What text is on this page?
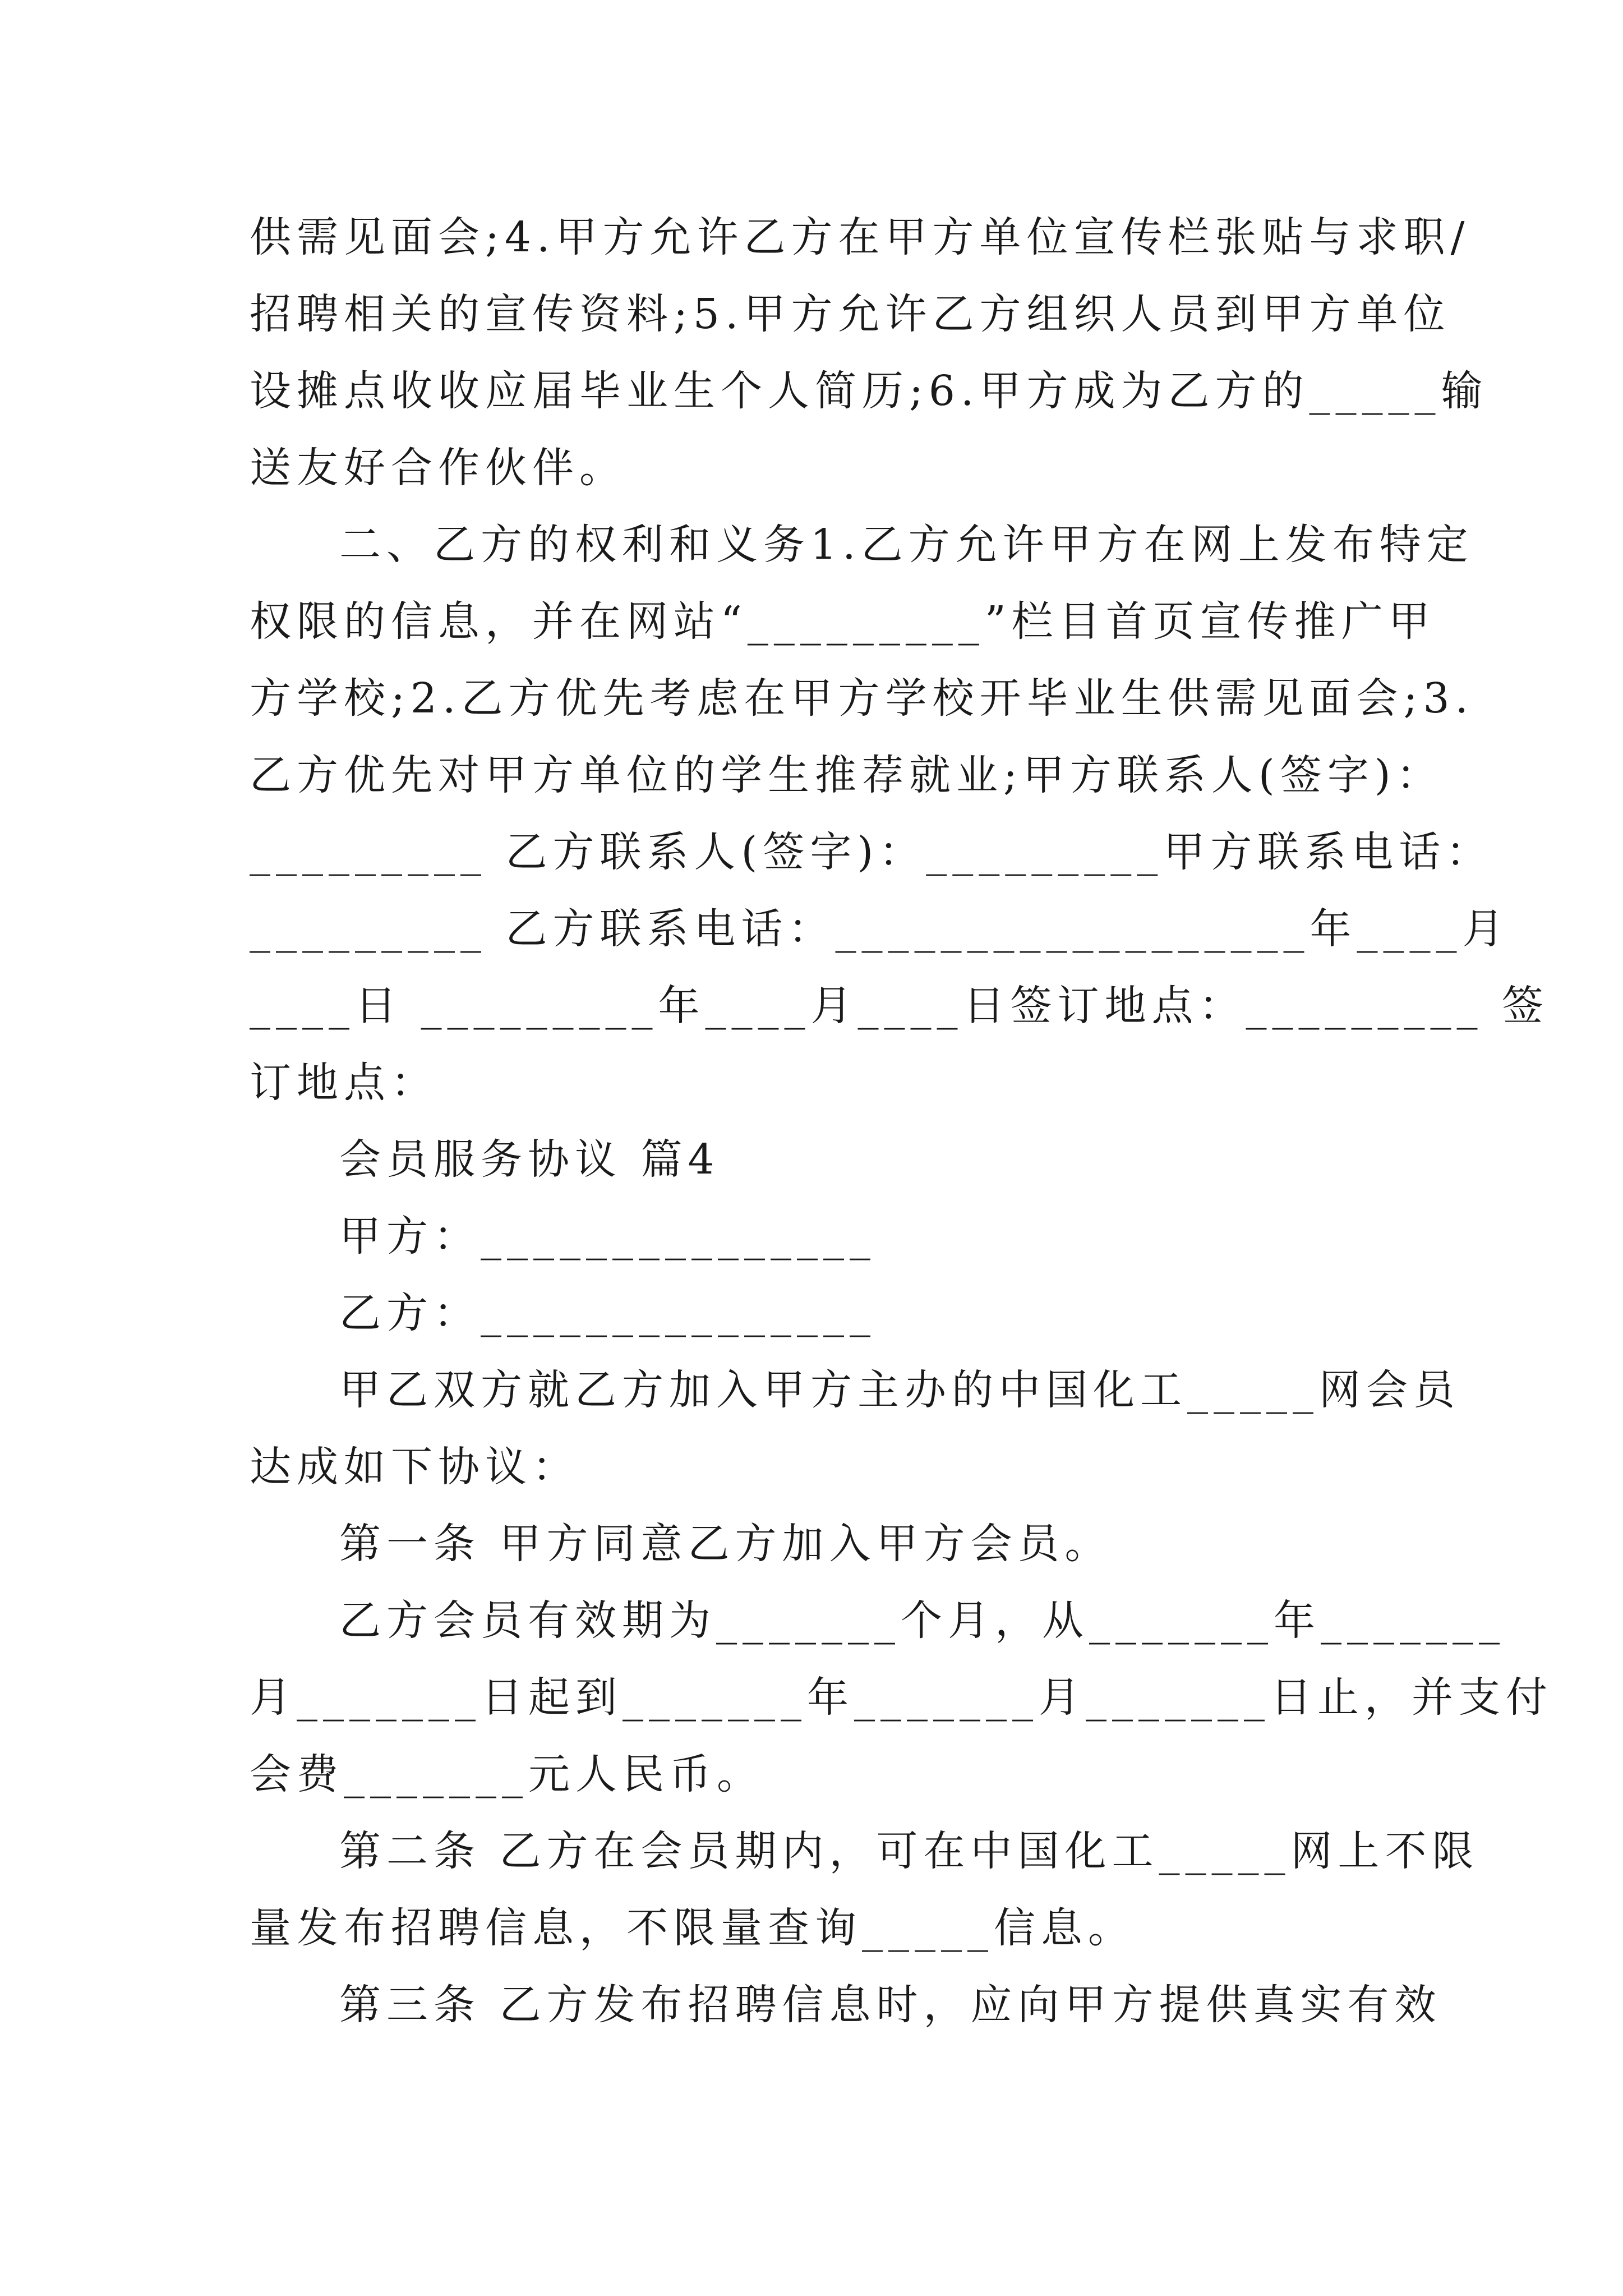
供需见面会;4.甲方允许乙方在甲方单位宣传栏张贴与求职/
招聘相关的宣传资料;5.甲方允许乙方组织人员到甲方单位
设摊点收收应届毕业生个人简历;6.甲方成为乙方的_____输
送友好合作伙伴。
二、乙方的权利和义务1.乙方允许甲方在网上发布特定
权限的信息，并在网站“_________”栏目首页宣传推广甲
方学校;2.乙方优先考虑在甲方学校开毕业生供需见面会;3.
乙方优先对甲方单位的学生推荐就业;甲方联系人(签字)：
_________ 乙方联系人(签字)：_________甲方联系电话：
_________ 乙方联系电话：__________________年____月
____日 _________年____月____日签订地点：_________ 签
订地点：
会员服务协议 篇4
甲方：_______________
乙方：_______________
甲乙双方就乙方加入甲方主办的中国化工_____网会员
达成如下协议：
第一条 甲方同意乙方加入甲方会员。
乙方会员有效期为_______个月，从_______年_______
月_______日起到_______年_______月_______日止，并支付
会费_______元人民币。
第二条 乙方在会员期内，可在中国化工_____网上不限
量发布招聘信息，不限量查询_____信息。
第三条 乙方发布招聘信息时，应向甲方提供真实有效
